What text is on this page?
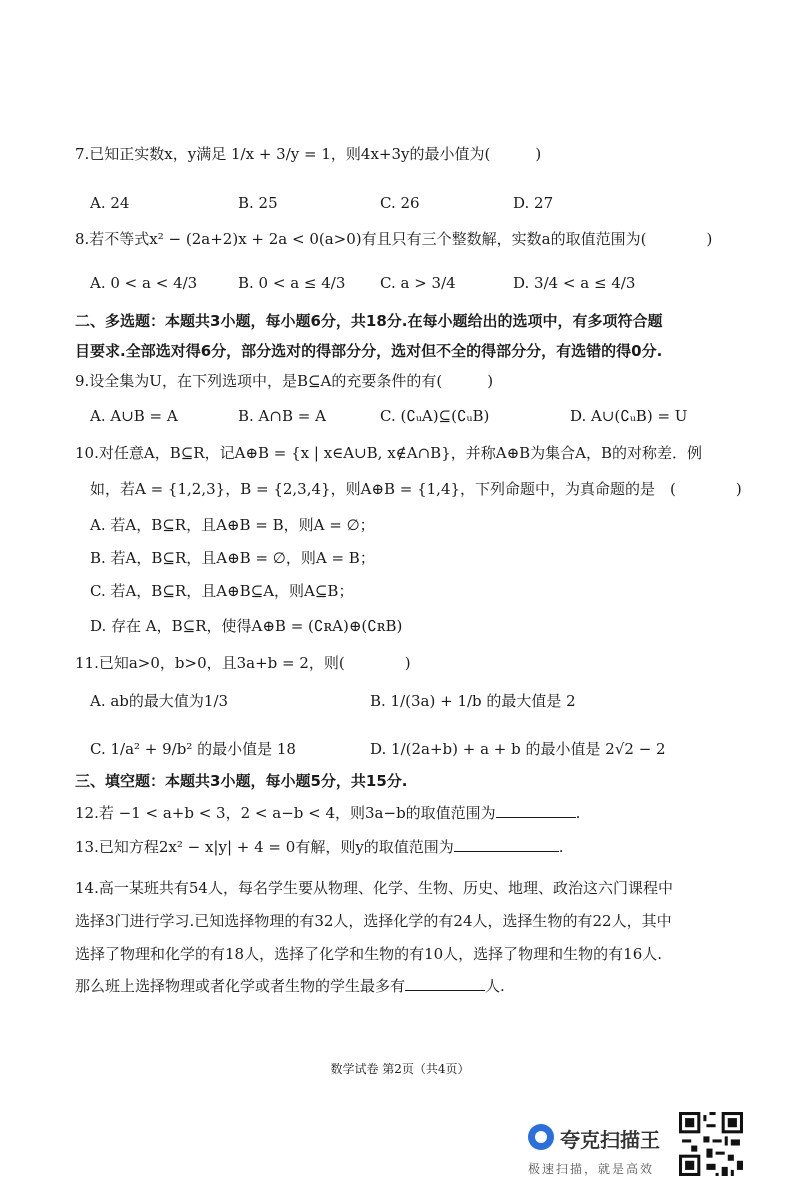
7.已知正实数x，y满足 1/x + 3/y = 1，则4x+3y的最小值为(　　　)
A. 24	B. 25	C. 26	D. 27
8.若不等式x² − (2a+2)x + 2a < 0(a>0)有且只有三个整数解，实数a的取值范围为(　　　　)
A. 0 < a < 4/3	B. 0 < a ≤ 4/3 C. a > 3/4	D. 3/4 < a ≤ 4/3
二、多选题：本题共3小题，每小题6分，共18分.在每小题给出的选项中，有多项符合题
目要求.全部选对得6分，部分选对的得部分分，选对但不全的得部分分，有选错的得0分.
9.设全集为U，在下列选项中，是B⊆A的充要条件的有(　　　)
A. A∪B = A	B. A∩B = A	C. (∁ᵤA)⊆(∁ᵤB)	D. A∪(∁ᵤB) = U
10.对任意A，B⊆R，记A⊕B = {x | x∈A∪B, x∉A∩B}，并称A⊕B为集合A，B的对称差．例
如，若A = {1,2,3}，B = {2,3,4}，则A⊕B = {1,4}，下列命题中，为真命题的是　(　　　　)
A. 若A，B⊆R，且A⊕B = B，则A = ∅；
B. 若A，B⊆R，且A⊕B = ∅，则A = B；
C. 若A，B⊆R，且A⊕B⊆A，则A⊆B；
D. 存在 A，B⊆R，使得A⊕B = (∁ʀA)⊕(∁ʀB)
11.已知a>0，b>0，且3a+b = 2，则(　　　　)
A. ab的最大值为1/3	B. 1/(3a) + 1/b 的最大值是 2
C. 1/a² + 9/b² 的最小值是 18	D. 1/(2a+b) + a + b 的最小值是 2√2 − 2
三、填空题：本题共3小题，每小题5分，共15分.
12.若 −1 < a+b < 3，2 < a−b < 4，则3a−b的取值范围为	.
13.已知方程2x² − x|y| + 4 = 0有解，则y的取值范围为	.
14.高一某班共有54人，每名学生要从物理、化学、生物、历史、地理、政治这六门课程中
选择3门进行学习.已知选择物理的有32人，选择化学的有24人，选择生物的有22人，其中
选择了物理和化学的有18人，选择了化学和生物的有10人，选择了物理和生物的有16人.
那么班上选择物理或者化学或者生物的学生最多有	人.
数学试卷 第2页（共4页）
夸克扫描王
极速扫描，就是高效
